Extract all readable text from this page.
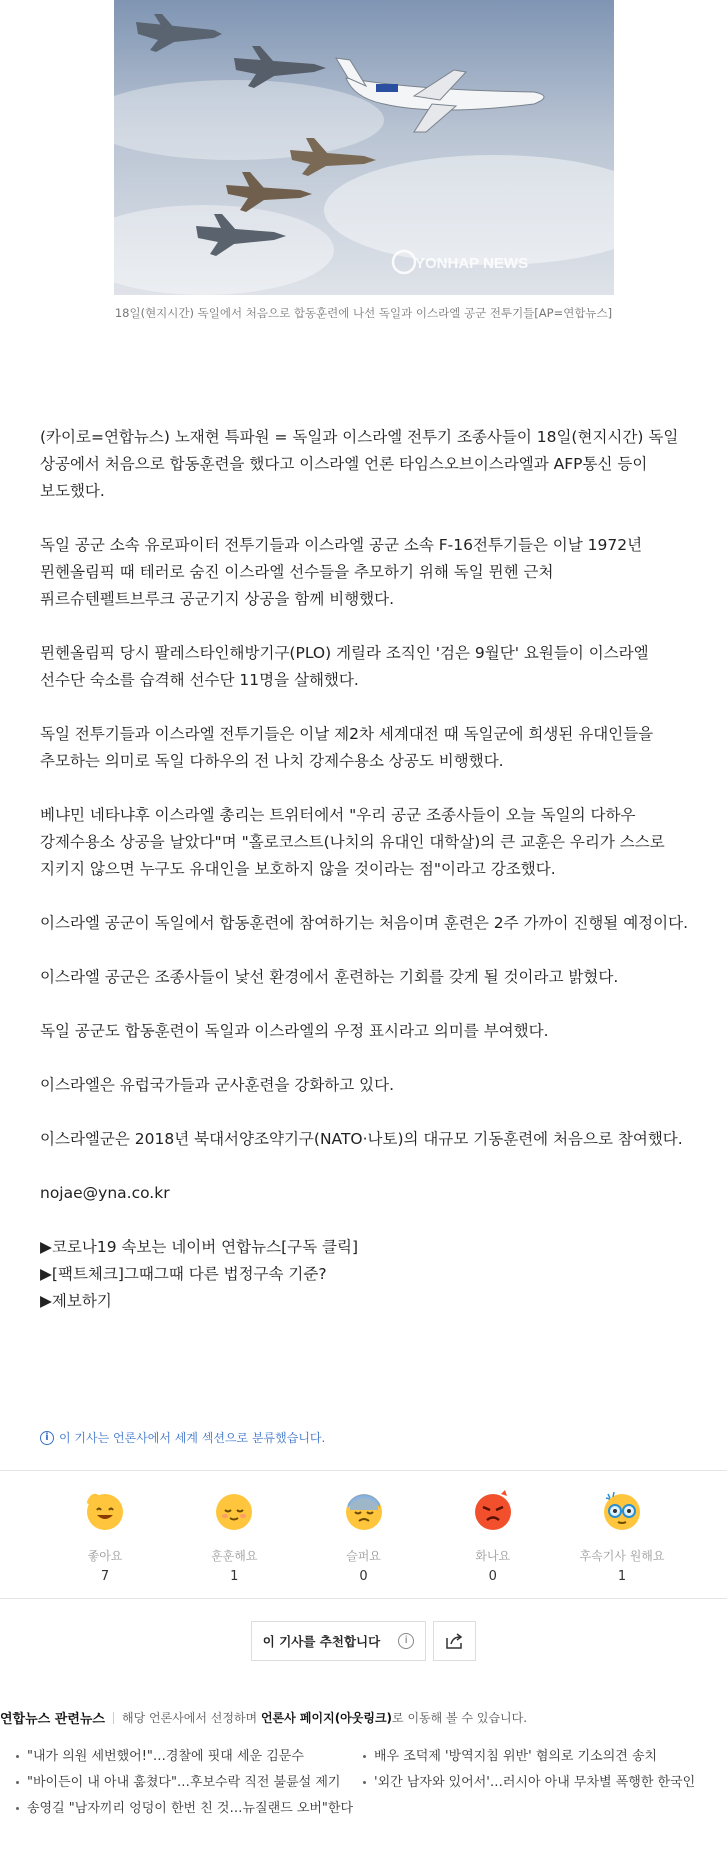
YONHAP NEWS
18일(현지시간) 독일에서 처음으로 합동훈련에 나선 독일과 이스라엘 공군 전투기들[AP=연합뉴스]

(카이로=연합뉴스) 노재현 특파원 = 독일과 이스라엘 전투기 조종사들이 18일(현지시간) 독일 상공에서 처음으로 합동훈련을 했다고 이스라엘 언론 타임스오브이스라엘과 AFP통신 등이 보도했다.

독일 공군 소속 유로파이터 전투기들과 이스라엘 공군 소속 F-16전투기들은 이날 1972년 뮌헨올림픽 때 테러로 숨진 이스라엘 선수들을 추모하기 위해 독일 뮌헨 근처 퓌르슈텐펠트브루크 공군기지 상공을 함께 비행했다.

뮌헨올림픽 당시 팔레스타인해방기구(PLO) 게릴라 조직인 '검은 9월단' 요원들이 이스라엘 선수단 숙소를 습격해 선수단 11명을 살해했다.

독일 전투기들과 이스라엘 전투기들은 이날 제2차 세계대전 때 독일군에 희생된 유대인들을 추모하는 의미로 독일 다하우의 전 나치 강제수용소 상공도 비행했다.

베냐민 네타냐후 이스라엘 총리는 트위터에서 "우리 공군 조종사들이 오늘 독일의 다하우 강제수용소 상공을 날았다"며 "홀로코스트(나치의 유대인 대학살)의 큰 교훈은 우리가 스스로 지키지 않으면 누구도 유대인을 보호하지 않을 것이라는 점"이라고 강조했다.

이스라엘 공군이 독일에서 합동훈련에 참여하기는 처음이며 훈련은 2주 가까이 진행될 예정이다.

이스라엘 공군은 조종사들이 낯선 환경에서 훈련하는 기회를 갖게 될 것이라고 밝혔다.

독일 공군도 합동훈련이 독일과 이스라엘의 우정 표시라고 의미를 부여했다.

이스라엘은 유럽국가들과 군사훈련을 강화하고 있다.

이스라엘군은 2018년 북대서양조약기구(NATO·나토)의 대규모 기동훈련에 처음으로 참여했다.

nojae@yna.co.kr

▶코로나19 속보는 네이버 연합뉴스[구독 클릭]
▶[팩트체크]그때그때 다른 법정구속 기준?
▶제보하기
i 이 기사는 언론사에서 세계 섹션으로 분류했습니다.
좋아요
7
훈훈해요
1
슬퍼요
0
화나요
0
후속기사 원해요
1
이 기사를 추천합니다	i
연합뉴스 관련뉴스 해당 언론사에서 선정하며 언론사 페이지(아웃링크)로 이동해 볼 수 있습니다.
"내가 의원 세번했어!"…경찰에 핏대 세운 김문수	배우 조덕제 '방역지침 위반' 혐의로 기소의견 송치
"바이든이 내 아내 훔쳤다"…후보수락 직전 불륜설 제기	'외간 남자와 있어서'…러시아 아내 무차별 폭행한 한국인
송영길 "남자끼리 엉덩이 한번 친 것…뉴질랜드 오버"한다
